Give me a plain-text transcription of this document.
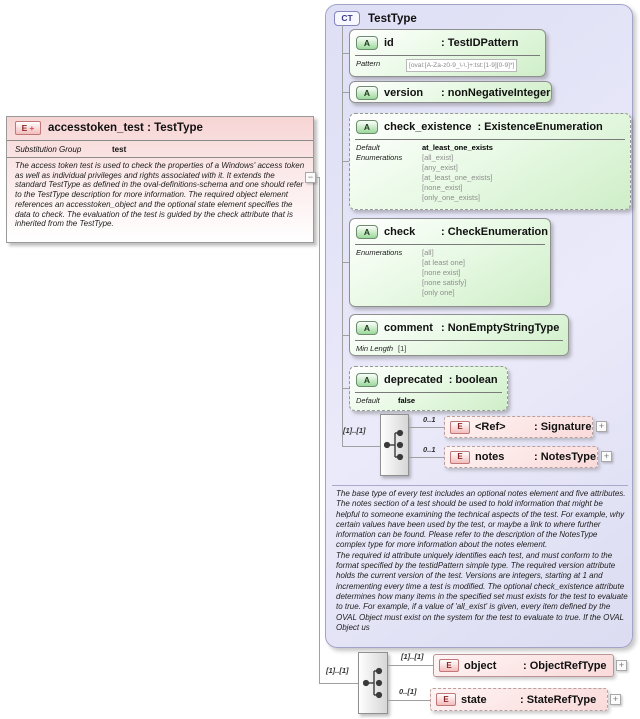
E + accesstoken_test : TestType
Substitution Group	test
The access token test is used to check the properties of a Windows' access token as well as individual privileges and rights associated with it. It extends the standard TestType as defined in the oval-definitions-schema and one should refer to the TestType description for more information. The required object element references an accesstoken_object and the optional state element specifies the data to check. The evaluation of the test is guided by the check attribute that is inherited from the TestType.
−
CT	TestType
A	id	: TestIDPattern
Pattern	[oval:[A-Za-z0-9_\-\.]+:tst:[1-9][0-9]*]
A	version	: nonNegativeInteger
A	check_existence : ExistenceEnumeration
Default	at_least_one_exists
Enumerations	[all_exist]
[any_exist]
[at_least_one_exists]
[none_exist]
[only_one_exists]
A	check	: CheckEnumeration
Enumerations	[all]
[at least one]
[none exist]
[none satisfy]
[only one]
A	comment : NonEmptyStringType
Min Length [1]
A	deprecated : boolean
Default	false
[1]..[1]
0..1
0..1
E	<Ref>	: Signature +
E	notes	: NotesType +
The base type of every test includes an optional notes element and five attributes. The notes section of a test should be used to hold information that might be helpful to someone examining the technical aspects of the test. For example, why certain values have been used by the test, or maybe a link to where further information can be found. Please refer to the description of the NotesType complex type for more information about the notes element.
The required id attribute uniquely identifies each test, and must conform to the format specified by the testidPattern simple type. The required version attribute holds the current version of the test. Versions are integers, starting at 1 and incrementing every time a test is modified. The optional check_existence attribute determines how many items in the specified set must exists for the test to evaluate to true. For example, if a value of 'all_exist' is given, every item defined by the OVAL Object must exist on the system for the test to evaluate to true. If the OVAL Object us
[1]..[1]
[1]..[1]
E	object	: ObjectRefType +
0..[1]
E	state	: StateRefType +
